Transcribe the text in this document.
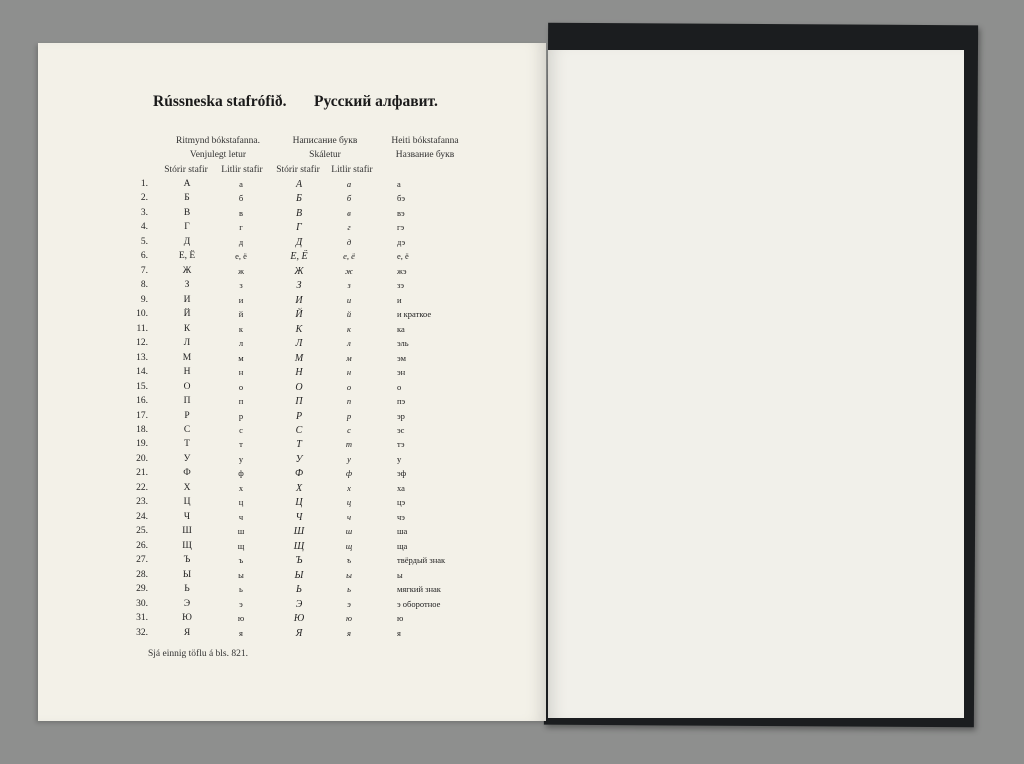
Rússneska stafrófið. Русский алфавит.
Ritmynd bókstafanna.
Venjulegt letur
Написание букв
Skáletur
Heiti bókstafanna
Название букв
Stórir stafir	Litlir stafir	Stórir stafir	Litlir stafir
1.	А	а	А	а	а
2.	Б	б	Б	б	бэ
3.	В	в	В	в	вэ
4.	Г	г	Г	г	гэ
5.	Д	д	Д	д	дэ
6.	Е, Ё	е, ё	Е, Ё	е, ё	е, ё
7.	Ж	ж	Ж	ж	жэ
8.	З	з	З	з	зэ
9.	И	и	И	и	и
10.	Й	й	Й	й	и краткое
11.	К	к	К	к	ка
12.	Л	л	Л	л	эль
13.	М	м	М	м	эм
14.	Н	н	Н	н	эн
15.	О	о	О	о	о
16.	П	п	П	п	пэ
17.	Р	р	Р	р	эр
18.	С	с	С	с	эс
19.	Т	т	Т	т	тэ
20.	У	у	У	у	у
21.	Ф	ф	Ф	ф	эф
22.	Х	х	Х	х	ха
23.	Ц	ц	Ц	ц	цэ
24.	Ч	ч	Ч	ч	чэ
25.	Ш	ш	Ш	ш	ша
26.	Щ	щ	Щ	щ	ща
27.	Ъ	ъ	Ъ	ъ	твёрдый знак
28.	Ы	ы	Ы	ы	ы
29.	Ь	ь	Ь	ь	мягкий знак
30.	Э	э	Э	э	э оборотное
31.	Ю	ю	Ю	ю	ю
32.	Я	я	Я	я	я
Sjá einnig töflu á bls. 821.
